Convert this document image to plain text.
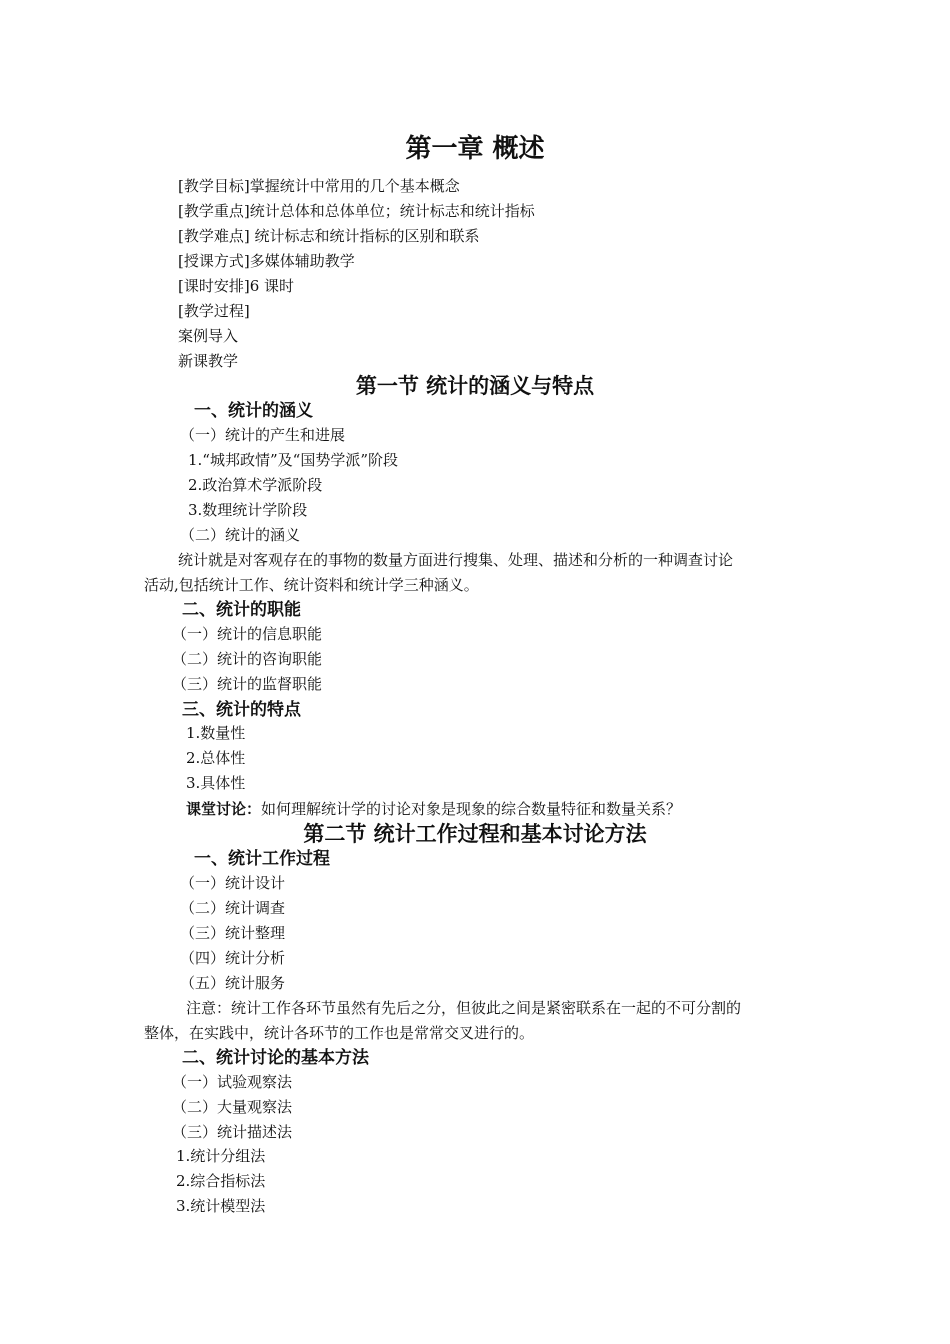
第一章 概述
[教学目标]掌握统计中常用的几个基本概念
[教学重点]统计总体和总体单位；统计标志和统计指标
[教学难点] 统计标志和统计指标的区别和联系
[授课方式]多媒体辅助教学
[课时安排]6 课时
[教学过程]
案例导入
新课教学
第一节 统计的涵义与特点
一、统计的涵义
（一）统计的产生和进展
1.“城邦政情”及“国势学派”阶段
2.政治算术学派阶段
3.数理统计学阶段
（二）统计的涵义
统计就是对客观存在的事物的数量方面进行搜集、处理、描述和分析的一种调查讨论
活动,包括统计工作、统计资料和统计学三种涵义。
二、统计的职能
（一）统计的信息职能
（二）统计的咨询职能
（三）统计的监督职能
三、统计的特点
1.数量性
2.总体性
3.具体性
课堂讨论：如何理解统计学的讨论对象是现象的综合数量特征和数量关系？
第二节 统计工作过程和基本讨论方法
一、统计工作过程
（一）统计设计
（二）统计调查
（三）统计整理
（四）统计分析
（五）统计服务
注意：统计工作各环节虽然有先后之分，但彼此之间是紧密联系在一起的不可分割的
整体，在实践中，统计各环节的工作也是常常交叉进行的。
二、统计讨论的基本方法
（一）试验观察法
（二）大量观察法
（三）统计描述法
1.统计分组法
2.综合指标法
3.统计模型法
